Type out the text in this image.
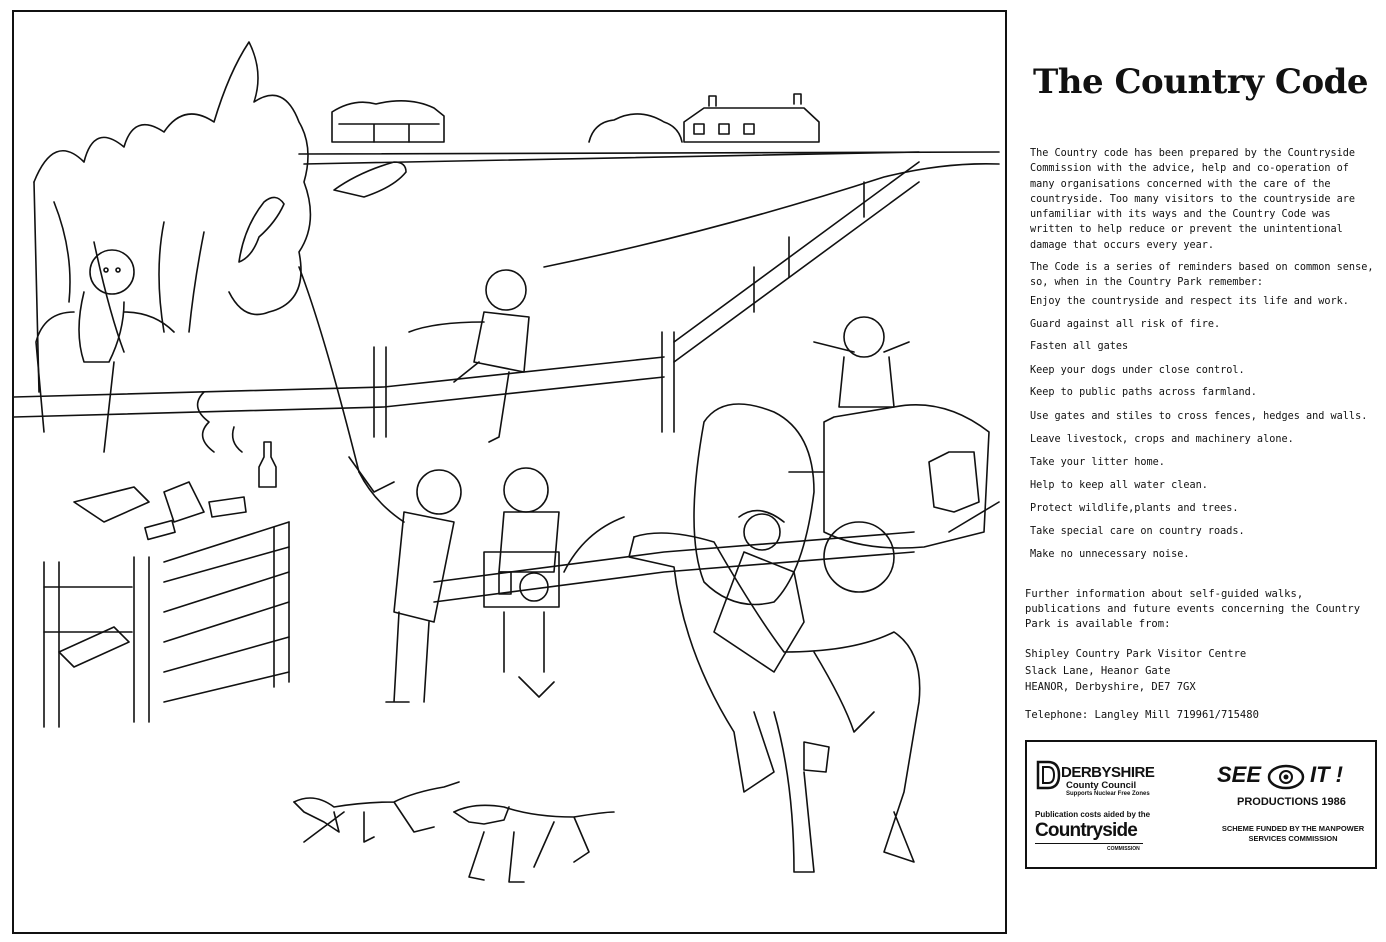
The Country Code

The Country code has been prepared by the Countryside Commission with the advice, help and co-operation of many organisations concerned with the care of the countryside. Too many visitors to the countryside are unfamiliar with its ways and the Country Code was written to help reduce or prevent the unintentional damage that occurs every year.

The Code is a series of reminders based on common sense, so, when in the Country Park remember:

Enjoy the countryside and respect its life and work.
Guard against all risk of fire.
Fasten all gates
Keep your dogs under close control.
Keep to public paths across farmland.
Use gates and stiles to cross fences, hedges and walls.
Leave livestock, crops and machinery alone.
Take your litter home.
Help to keep all water clean.
Protect wildlife,plants and trees.
Take special care on country roads.
Make no unnecessary noise.
Further information about self-guided walks, publications and future events concerning the Country Park is available from:
Shipley Country Park Visitor Centre
Slack Lane, Heanor Gate
HEANOR, Derbyshire, DE7 7GX
Telephone: Langley Mill 719961/715480
DERBYSHIRE
County Council
Supports Nuclear Free Zones
Publication costs aided by the
Countryside
COMMISSION
SEE IT !
PRODUCTIONS 1986
SCHEME FUNDED BY THE MANPOWER SERVICES COMMISSION
